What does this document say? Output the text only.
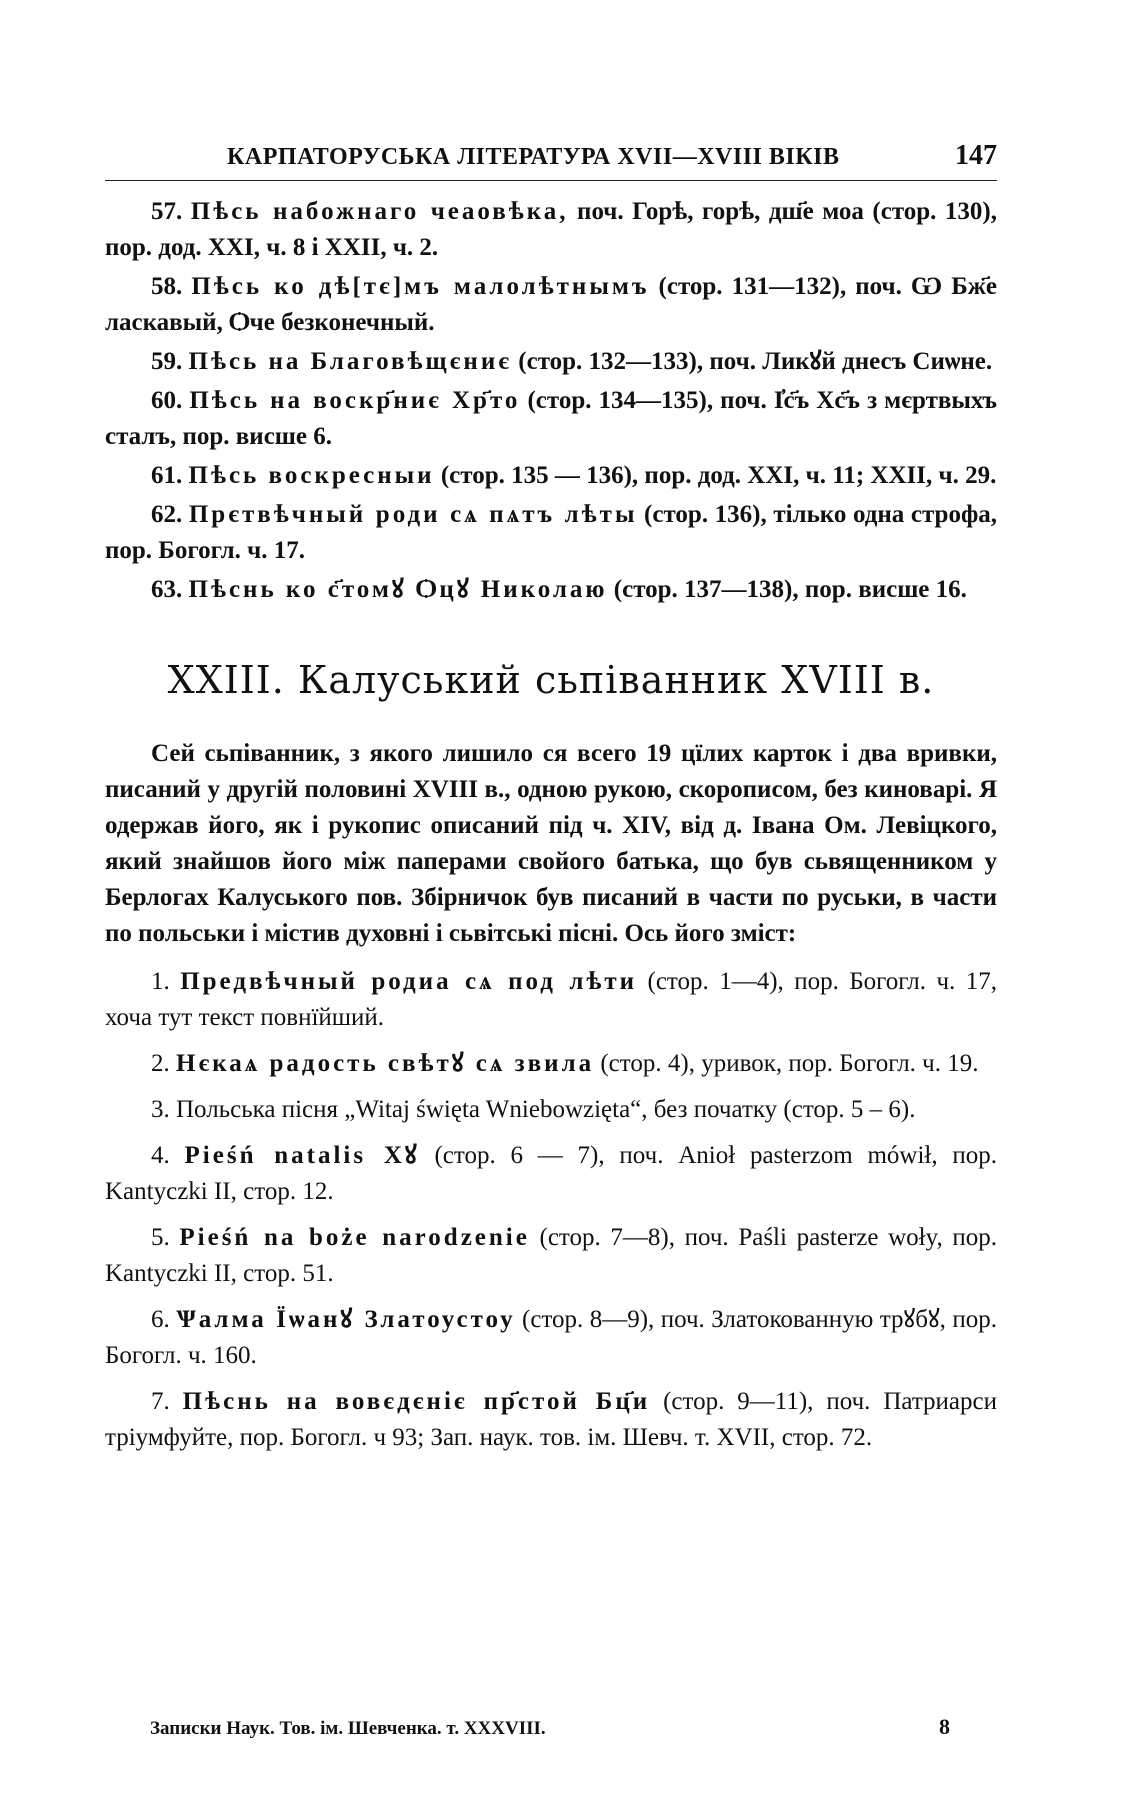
КАРПАТОРУСЬКА ЛІТЕРАТУРА XVII—XVIII ВІКІВ	147

57. Пѣсь набожнаго чеаовѣка, поч. Горѣ, горѣ, дш҃е моа (стор. 130), пор. дод. XXI, ч. 8 і XXII, ч. 2.

58. Пѣсь ко дѣ[тє]мъ малолѣтнымъ (стор. 131—132), поч. Ѡ Бж҃е ласкавый, Ѻче безконечный.

59. Пѣсь на Благовѣщєниє (стор. 132—133), поч. Ликꙋй днесъ Сиѡне.

60. Пѣсь на воскр҃ниє Хр҃то (стор. 134—135), поч. І҆с҃ъ Хс҃ъ з мєртвыхъ сталъ, пор. висше 6.

61. Пѣсь воскресныи (стор. 135 — 136), пор. дод. XXI, ч. 11; XXII, ч. 29.

62. Прєтвѣчный роди сѧ пѧтъ лѣты (стор. 136), тілько одна строфа, пор. Богогл. ч. 17.

63. Пѣснь ко с҃томꙋ Ѻцꙋ Николаю (стор. 137—138), пор. висше 16.

XXIII. Калуський сьпіванник XVIII в.

Сей сьпіванник, з якого лишило ся всего 19 цїлих карток і два вривки, писаний у другій половині XVIII в., одною рукою, скорописом, без киноварі. Я одержав його, як і рукопис описаний під ч. XIV, від д. Івана Ом. Левіцкого, який знайшов його між паперами свойого батька, що був сьвященником у Берлогах Калуського пов. Збірничок був писаний в части по руськи, в части по польськи і містив духовні і сьвітські пісні. Ось його зміст:

1. Предвѣчный родиа сѧ под лѣти (стор. 1—4), пор. Богогл. ч. 17, хоча тут текст повнїйший.

2. Нєкаѧ радость свѣтꙋ сѧ звила (стор. 4), уривок, пор. Богогл. ч. 19.

3. Польська пісня „Witaj święta Wniebowzięta“, без початку (стор. 5 – 6).

4. Pieśń natalis Xꙋ (стор. 6 — 7), поч. Anioł pasterzom mówił, пор. Kantyczki II, стор. 12.

5. Pieśń na boże narodzenie (стор. 7—8), поч. Paśli pasterze woły, пор. Kantyczki II, стор. 51.

6. Ѱалма Їѡанꙋ Златоустоу (стор. 8—9), поч. Златокованную трꙋбꙋ, пор. Богогл. ч. 160.

7. Пѣснь на вовєдєніє пр҃стой Бц҃и (стор. 9—11), поч. Патриарси тріумфуйте, пор. Богогл. ч 93; Зап. наук. тов. ім. Шевч. т. XVII, стор. 72.

Записки Наук. Тов. ім. Шевченка. т. XXXVIII.	8
